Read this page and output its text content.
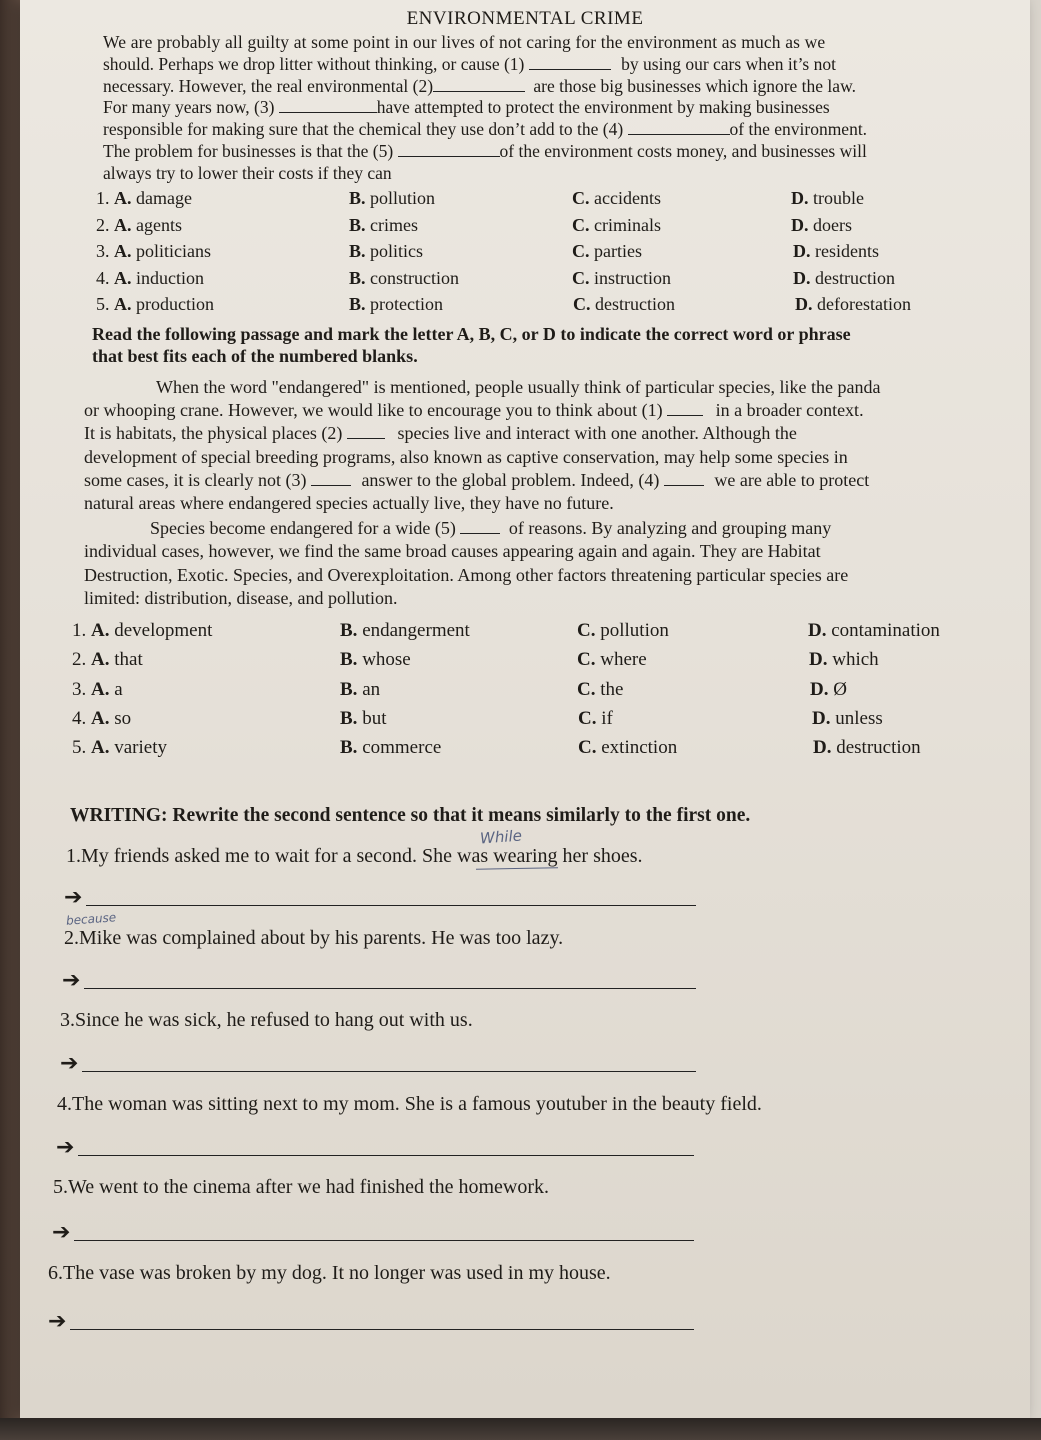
ENVIRONMENTAL CRIME
We are probably all guilty at some point in our lives of not caring for the environment as much as we
should. Perhaps we drop litter without thinking, or cause (1)	by using our cars when it’s not
necessary. However, the real environmental (2)	are those big businesses which ignore the law.
For many years now, (3)	have attempted to protect the environment by making businesses
responsible for making sure that the chemical they use don’t add to the (4)	of the environment.
The problem for businesses is that the (5)	of the environment costs money, and businesses will
always try to lower their costs if they can
1. A. damage	B. pollution	C. accidents	D. trouble
2. A. agents	B. crimes	C. criminals	D. doers
3. A. politicians	B. politics	C. parties	D. residents
4. A. induction	B. construction	C. instruction	D. destruction
5. A. production	B. protection	C. destruction	D. deforestation
Read the following passage and mark the letter A, B, C, or D to indicate the correct word or phrase
that best fits each of the numbered blanks.
When the word "endangered" is mentioned, people usually think of particular species, like the panda
or whooping crane. However, we would like to encourage you to think about (1)	in a broader context.
It is habitats, the physical places (2)	species live and interact with one another. Although the
development of special breeding programs, also known as captive conservation, may help some species in
some cases, it is clearly not (3)	answer to the global problem. Indeed, (4)	we are able to protect
natural areas where endangered species actually live, they have no future.
Species become endangered for a wide (5)	of reasons. By analyzing and grouping many
individual cases, however, we find the same broad causes appearing again and again. They are Habitat
Destruction, Exotic. Species, and Overexploitation. Among other factors threatening particular species are
limited: distribution, disease, and pollution.
1. A. development	B. endangerment	C. pollution	D. contamination
2. A. that	B. whose	C. where	D. which
3. A. a	B. an	C. the	D. Ø
4. A. so	B. but	C. if	D. unless
5. A. variety	B. commerce	C. extinction	D. destruction
WRITING: Rewrite the second sentence so that it means similarly to the first one.
While
1.My friends asked me to wait for a second. She was wearing her shoes.
➔
because
2.Mike was complained about by his parents. He was too lazy.
➔
3.Since he was sick, he refused to hang out with us.
➔
4.The woman was sitting next to my mom. She is a famous youtuber in the beauty field.
➔
5.We went to the cinema after we had finished the homework.
➔
6.The vase was broken by my dog. It no longer was used in my house.
➔
